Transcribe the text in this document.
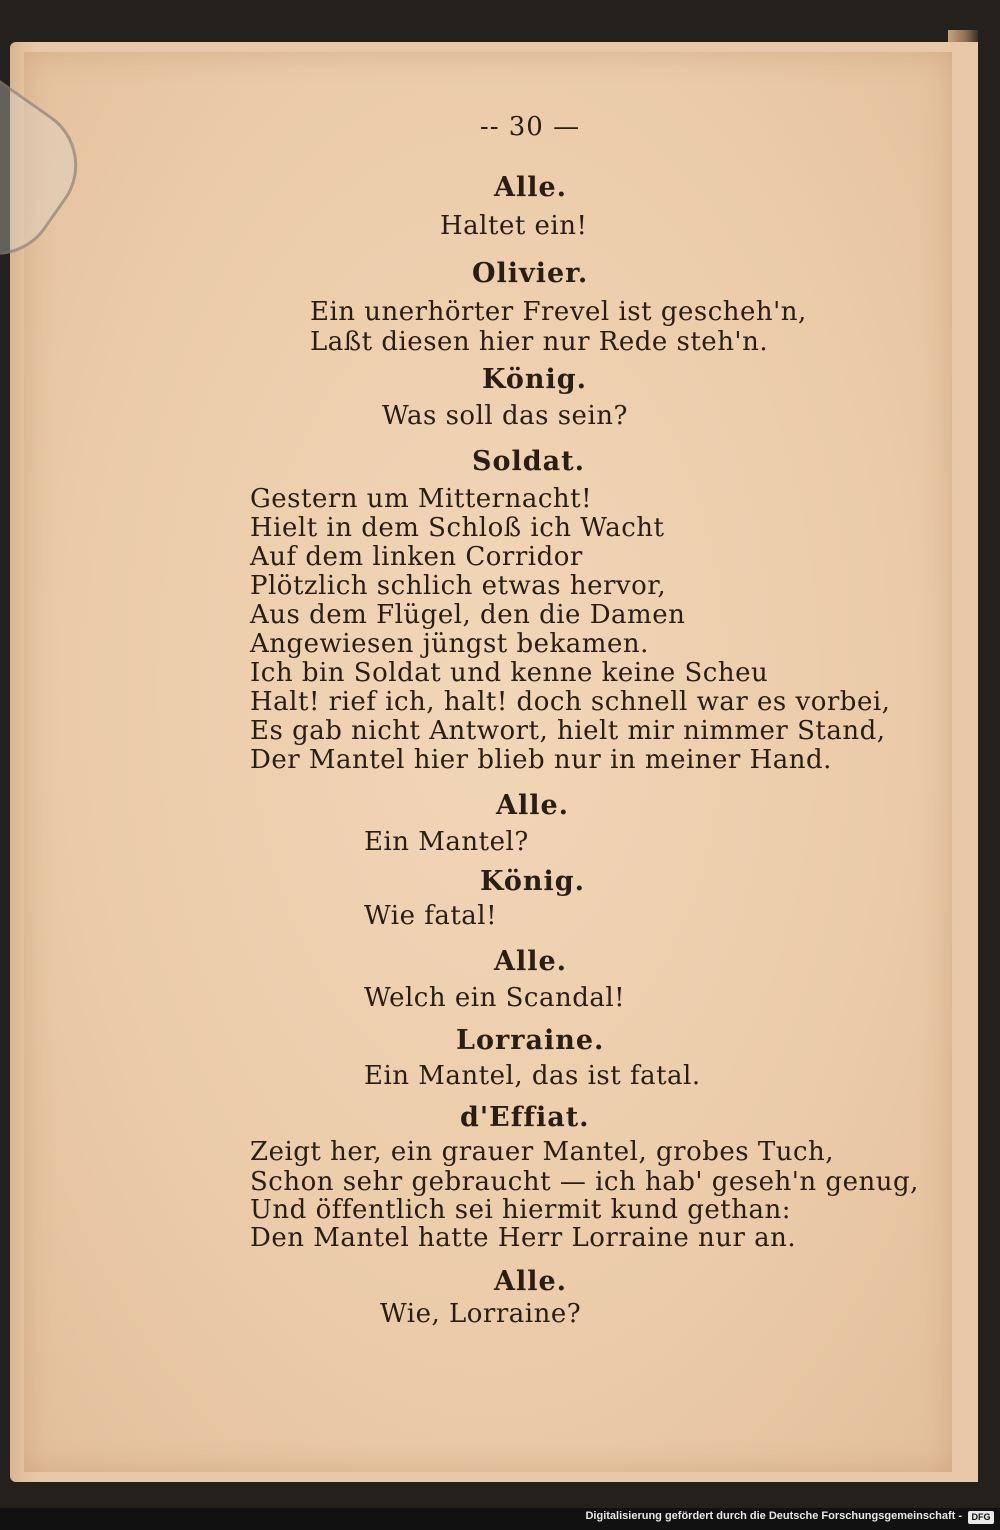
-- 30 —
Alle.
Haltet ein!
Olivier.
Ein unerhörter Frevel ist gescheh'n,
Laßt diesen hier nur Rede steh'n.
König.
Was soll das sein?
Soldat.
Gestern um Mitternacht!
Hielt in dem Schloß ich Wacht
Auf dem linken Corridor
Plötzlich schlich etwas hervor,
Aus dem Flügel, den die Damen
Angewiesen jüngst bekamen.
Ich bin Soldat und kenne keine Scheu
Halt! rief ich, halt! doch schnell war es vorbei,
Es gab nicht Antwort, hielt mir nimmer Stand,
Der Mantel hier blieb nur in meiner Hand.
Alle.
Ein Mantel?
König.
Wie fatal!
Alle.
Welch ein Scandal!
Lorraine.
Ein Mantel, das ist fatal.
d'Effiat.
Zeigt her, ein grauer Mantel, grobes Tuch,
Schon sehr gebraucht — ich hab' geseh'n genug,
Und öffentlich sei hiermit kund gethan:
Den Mantel hatte Herr Lorraine nur an.
Alle.
Wie, Lorraine?
Digitalisierung gefördert durch die Deutsche Forschungsgemeinschaft -	DFG
